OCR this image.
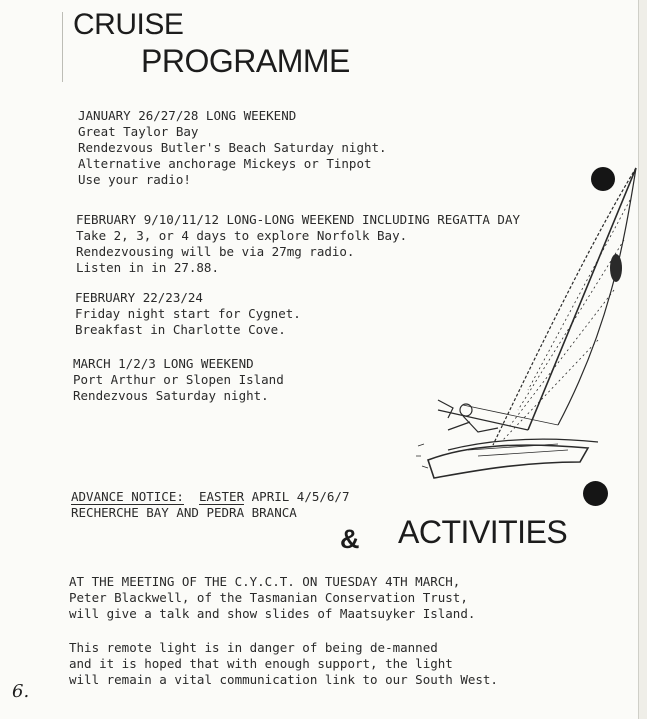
CRUISE
PROGRAMME

JANUARY 26/27/28 LONG WEEKEND

Great Taylor Bay

Rendezvous Butler's Beach Saturday night.

Alternative anchorage Mickeys or Tinpot

Use your radio!

FEBRUARY 9/10/11/12 LONG-LONG WEEKEND INCLUDING REGATTA DAY

Take 2, 3, or 4 days to explore Norfolk Bay.

Rendezvousing will be via 27mg radio.

Listen in in 27.88.

FEBRUARY 22/23/24

Friday night start for Cygnet.

Breakfast in Charlotte Cove.

MARCH 1/2/3 LONG WEEKEND

Port Arthur or Slopen Island

Rendezvous Saturday night.

ADVANCE NOTICE: EASTER APRIL 4/5/6/7

RECHERCHE BAY AND PEDRA BRANCA

& ACTIVITIES

AT THE MEETING OF THE C.Y.C.T. ON TUESDAY 4TH MARCH,

Peter Blackwell, of the Tasmanian Conservation Trust,

will give a talk and show slides of Maatsuyker Island.

This remote light is in danger of being de-manned

and it is hoped that with enough support, the light

will remain a vital communication link to our South West.

6.
